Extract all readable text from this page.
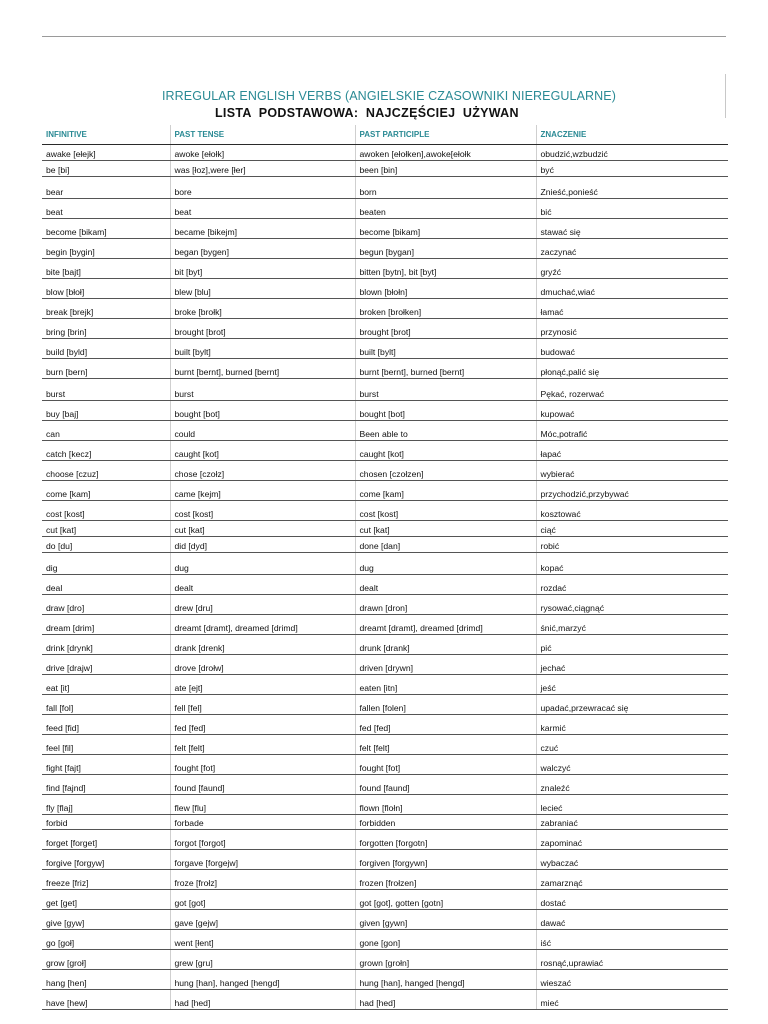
IRREGULAR ENGLISH VERBS (ANGIELSKIE CZASOWNIKI NIEREGULARNE)
LISTA  PODSTAWOWA:  NAJCZĘŚCIEJ  UŻYWAN
INFINITIVE	PAST TENSE	PAST PARTICIPLE	ZNACZENIE
awake [ełejk]	awoke [ełołk]	awoken [ełołken],awoke[ełołk	obudzić,wzbudzić
be [bi]	was [łoz],were [łer]	been [bin]	być
bear	bore	born	Znieść,ponieść
beat	beat	beaten	bić
become [bikam]	became [bikejm]	become [bikam]	stawać się
begin [bygin]	began [bygen]	begun [bygan]	zaczynać
bite [bajt]	bit [byt]	bitten [bytn], bit [byt]	gryźć
blow [błoł]	blew [blu]	blown [błołn]	dmuchać,wiać
break [brejk]	broke [brołk]	broken [brołken]	łamać
bring [brin]	brought [brot]	brought [brot]	przynosić
build [byld]	built [bylt]	built [bylt]	budować
burn [bern]	burnt [bernt], burned [bernt]	burnt [bernt], burned [bernt]	płonąć,palić się
burst	burst	burst	Pękać, rozerwać
buy [baj]	bought [bot]	bought [bot]	kupować
can	could	Been able to	Móc,potrafić
catch [kecz]	caught [kot]	caught [kot]	łapać
choose [czuz]	chose [czołz]	chosen [czołzen]	wybierać
come [kam]	came [kejm]	come [kam]	przychodzić,przybywać
cost [kost]	cost [kost]	cost [kost]	kosztować
cut [kat]	cut [kat]	cut [kat]	ciąć
do [du]	did [dyd]	done [dan]	robić
dig	dug	dug	kopać
deal	dealt	dealt	rozdać
draw [dro]	drew [dru]	drawn [dron]	rysować,ciągnąć
dream [drim]	dreamt [dramt], dreamed [drimd]	dreamt [dramt], dreamed [drimd]	śnić,marzyć
drink [drynk]	drank [drenk]	drunk [drank]	pić
drive [drajw]	drove [drołw]	driven [drywn]	jechać
eat [it]	ate [ejt]	eaten [itn]	jeść
fall [fol]	fell [fel]	fallen [folen]	upadać,przewracać się
feed [fid]	fed [fed]	fed [fed]	karmić
feel [fil]	felt [felt]	felt [felt]	czuć
fight [fajt]	fought [fot]	fought [fot]	walczyć
find [fajnd]	found [faund]	found [faund]	znaleźć
fly [flaj]	flew [flu]	flown [flołn]	lecieć
forbid	forbade	forbidden	zabraniać
forget [forget]	forgot [forgot]	forgotten [forgotn]	zapominać
forgive [forgyw]	forgave [forgejw]	forgiven [forgywn]	wybaczać
freeze [friz]	froze [frołz]	frozen [frołzen]	zamarznąć
get [get]	got [got]	got [got], gotten [gotn]	dostać
give [gyw]	gave [gejw]	given [gywn]	dawać
go [goł]	went [łent]	gone [gon]	iść
grow [groł]	grew [gru]	grown [grołn]	rosnąć,uprawiać
hang [hen]	hung [han], hanged [hengd]	hung [han], hanged [hengd]	wieszać
have [hew]	had [hed]	had [hed]	mieć
